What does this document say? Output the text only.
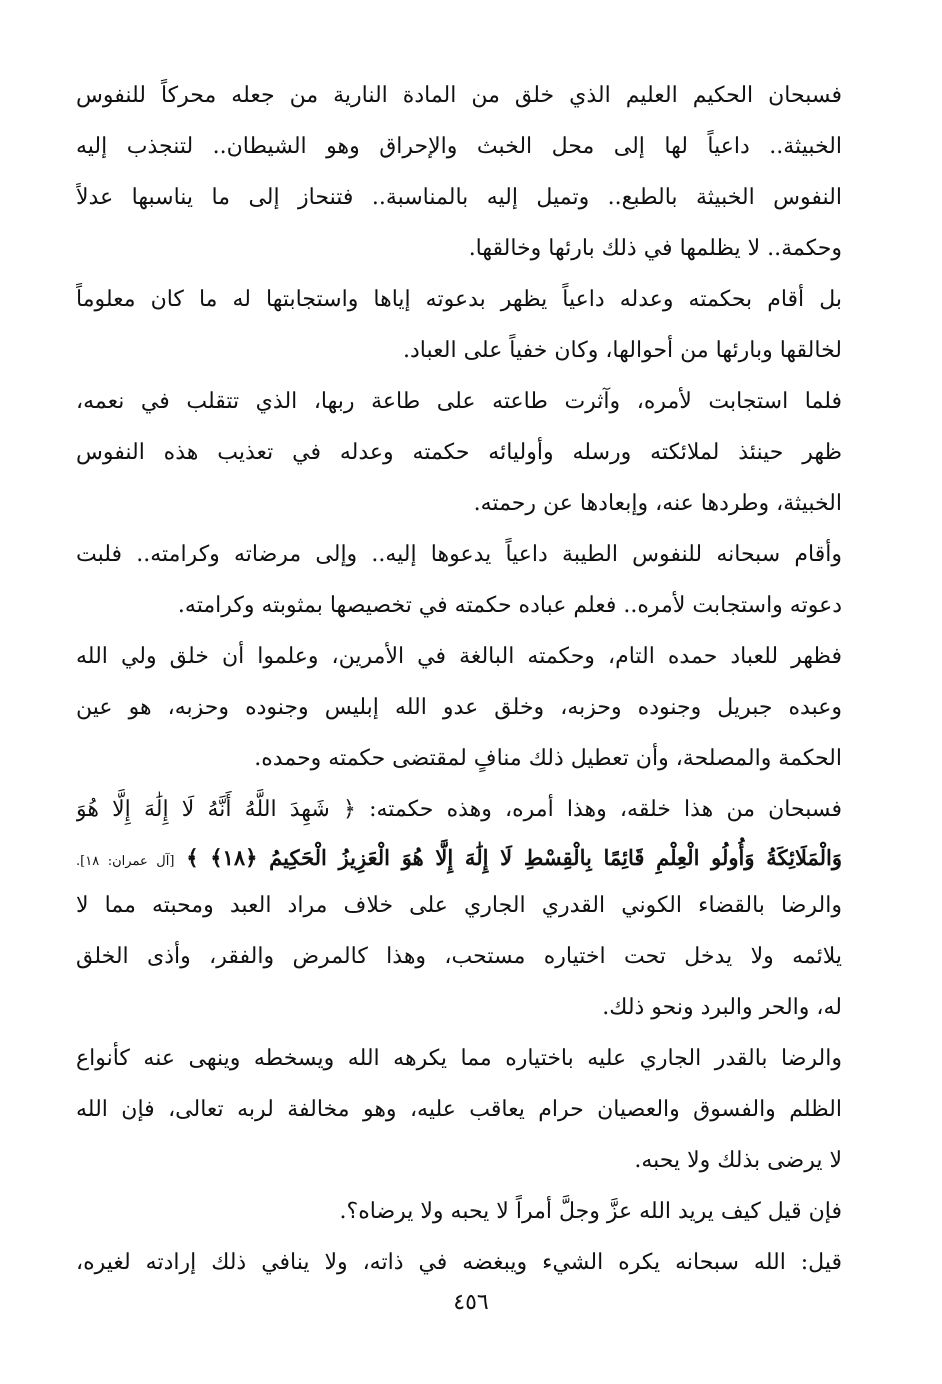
فسبحان الحكيم العليم الذي خلق من المادة النارية من جعله محركاً للنفوس
الخبيثة.. داعياً لها إلى محل الخبث والإحراق وهو الشيطان.. لتنجذب إليه
النفوس الخبيثة بالطبع.. وتميل إليه بالمناسبة.. فتنحاز إلى ما يناسبها عدلاً
وحكمة.. لا يظلمها في ذلك بارئها وخالقها.
بل أقام بحكمته وعدله داعياً يظهر بدعوته إياها واستجابتها له ما كان معلوماً
لخالقها وبارئها من أحوالها، وكان خفياً على العباد.
فلما استجابت لأمره، وآثرت طاعته على طاعة ربها، الذي تتقلب في نعمه،
ظهر حينئذ لملائكته ورسله وأوليائه حكمته وعدله في تعذيب هذه النفوس
الخبيثة، وطردها عنه، وإبعادها عن رحمته.
وأقام سبحانه للنفوس الطيبة داعياً يدعوها إليه.. وإلى مرضاته وكرامته.. فلبت
دعوته واستجابت لأمره.. فعلم عباده حكمته في تخصيصها بمثوبته وكرامته.
فظهر للعباد حمده التام، وحكمته البالغة في الأمرين، وعلموا أن خلق ولي الله
وعبده جبريل وجنوده وحزبه، وخلق عدو الله إبليس وجنوده وحزبه، هو عين
الحكمة والمصلحة، وأن تعطيل ذلك منافٍ لمقتضى حكمته وحمده.
فسبحان من هذا خلقه، وهذا أمره، وهذه حكمته: ﴿ شَهِدَ اللَّهُ أَنَّهُ لَا إِلَٰهَ إِلَّا هُوَ
وَالْمَلَائِكَةُ وَأُولُو الْعِلْمِ قَائِمًا بِالْقِسْطِ لَا إِلَٰهَ إِلَّا هُوَ الْعَزِيزُ الْحَكِيمُ ﴿١٨﴾ ﴾ [آل عمران: ١٨].
والرضا بالقضاء الكوني القدري الجاري على خلاف مراد العبد ومحبته مما لا
يلائمه ولا يدخل تحت اختياره مستحب، وهذا كالمرض والفقر، وأذى الخلق
له، والحر والبرد ونحو ذلك.
والرضا بالقدر الجاري عليه باختياره مما يكرهه الله ويسخطه وينهى عنه كأنواع
الظلم والفسوق والعصيان حرام يعاقب عليه، وهو مخالفة لربه تعالى، فإن الله
لا يرضى بذلك ولا يحبه.
فإن قيل كيف يريد الله عزَّ وجلَّ أمراً لا يحبه ولا يرضاه؟.
قيل: الله سبحانه يكره الشيء ويبغضه في ذاته، ولا ينافي ذلك إرادته لغيره،
٤٥٦
